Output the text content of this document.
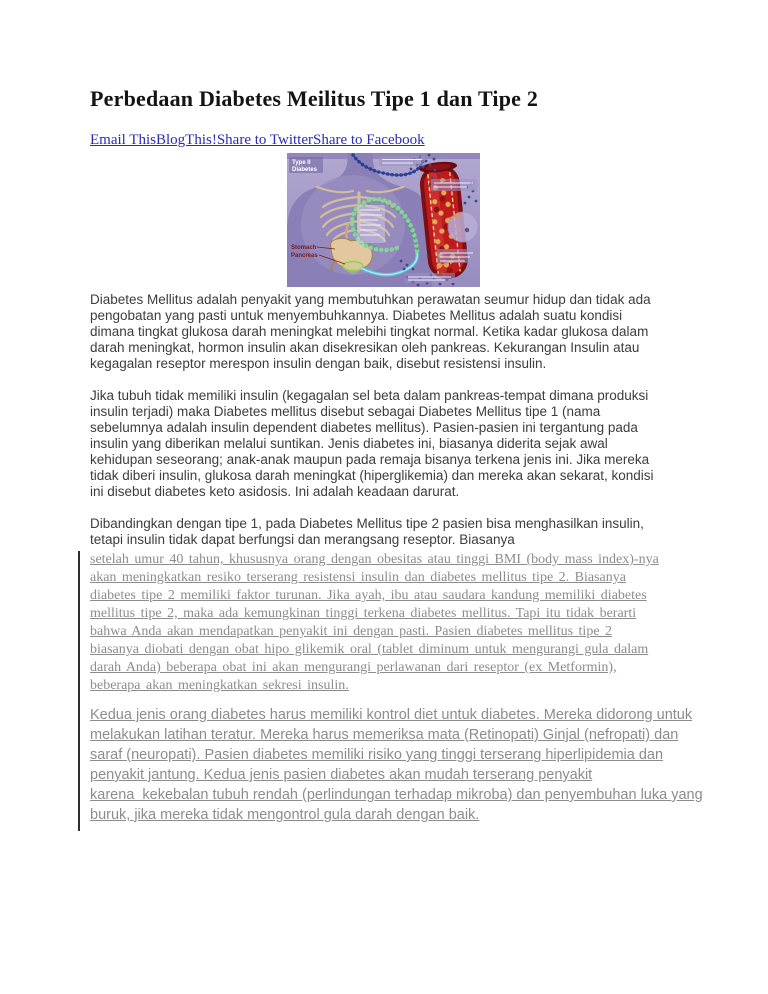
Perbedaan Diabetes Meilitus Tipe 1 dan Tipe 2
Email ThisBlogThis!Share to TwitterShare to Facebook
Type II
Diabetes
Stomach
Pancreas
Diabetes Mellitus adalah penyakit yang membutuhkan perawatan seumur hidup dan tidak ada
pengobatan yang pasti untuk menyembuhkannya. Diabetes Mellitus adalah suatu kondisi
dimana tingkat glukosa darah meningkat melebihi tingkat normal. Ketika kadar glukosa dalam
darah meningkat, hormon insulin akan disekresikan oleh pankreas. Kekurangan Insulin atau
kegagalan reseptor merespon insulin dengan baik, disebut resistensi insulin.
Jika tubuh tidak memiliki insulin (kegagalan sel beta dalam pankreas-tempat dimana produksi
insulin terjadi) maka Diabetes mellitus disebut sebagai Diabetes Mellitus tipe 1 (nama
sebelumnya adalah insulin dependent diabetes mellitus). Pasien-pasien ini tergantung pada
insulin yang diberikan melalui suntikan. Jenis diabetes ini, biasanya diderita sejak awal
kehidupan seseorang; anak-anak maupun pada remaja bisanya terkena jenis ini. Jika mereka
tidak diberi insulin, glukosa darah meningkat (hiperglikemia) dan mereka akan sekarat, kondisi
ini disebut diabetes keto asidosis. Ini adalah keadaan darurat.
Dibandingkan dengan tipe 1, pada Diabetes Mellitus tipe 2 pasien bisa menghasilkan insulin,
tetapi insulin tidak dapat berfungsi dan merangsang reseptor. Biasanya
setelah umur 40 tahun, khususnya orang dengan obesitas atau tinggi BMI (body mass index)-nya
akan meningkatkan resiko terserang resistensi insulin dan diabetes mellitus tipe 2. Biasanya
diabetes tipe 2 memiliki faktor turunan. Jika ayah, ibu atau saudara kandung memiliki diabetes
mellitus tipe 2, maka ada kemungkinan tinggi terkena diabetes mellitus. Tapi itu tidak berarti
bahwa Anda akan mendapatkan penyakit ini dengan pasti. Pasien diabetes mellitus tipe 2
biasanya diobati dengan obat hipo glikemik oral (tablet diminum untuk mengurangi gula dalam
darah Anda) beberapa obat ini akan mengurangi perlawanan dari reseptor (ex Metformin),
beberapa akan meningkatkan sekresi insulin.
Kedua jenis orang diabetes harus memiliki kontrol diet untuk diabetes. Mereka didorong untuk
melakukan latihan teratur. Mereka harus memeriksa mata (Retinopati) Ginjal (nefropati) dan
saraf (neuropati). Pasien diabetes memiliki risiko yang tinggi terserang hiperlipidemia dan
penyakit jantung. Kedua jenis pasien diabetes akan mudah terserang penyakit
karena  kekebalan tubuh rendah (perlindungan terhadap mikroba) dan penyembuhan luka yang
buruk, jika mereka tidak mengontrol gula darah dengan baik.
